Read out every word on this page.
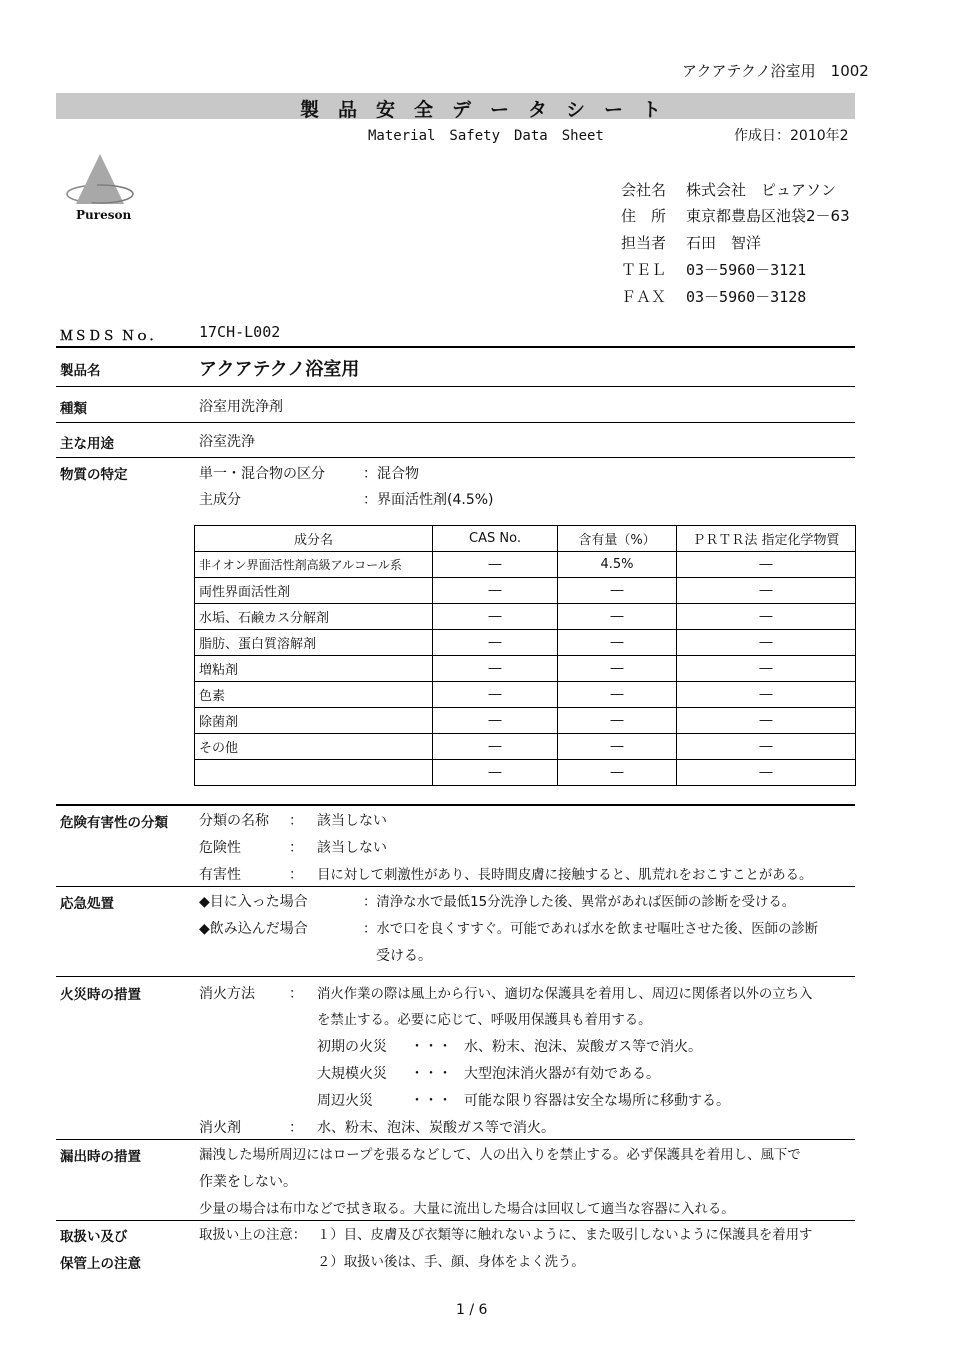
アクアテクノ浴室用　1002
製　品　安　全　デ　ー　タ　シ　ー　ト
Material　Safety　Data　Sheet	作成日：2010年2
Pureson
会社名 株式会社　ピュアソン
住　所 東京都豊島区池袋2－63
担当者 石田　智洋
ＴＥＬ 03－5960－3121
ＦＡＸ 03－5960－3128
ＭＳＤＳ Ｎｏ． 17CH-L002
製品名	アクアテクノ浴室用
種類	浴室用洗浄剤
主な用途	浴室洗浄
物質の特定	単一・混合物の区分	：混合物
主成分	：界面活性剤(4.5%)
成分名	CAS No.	含有量（%）	ＰＲＴＲ法 指定化学物質
非イオン界面活性剤高級アルコール系	―	4.5%	―
両性界面活性剤	―	―	―
水垢、石鹸カス分解剤	―	―	―
脂肪、蛋白質溶解剤	―	―	―
増粘剤	―	―	―
色素	―	―	―
除菌剤	―	―	―
その他	―	―	―
	―	―	―
危険有害性の分類 分類の名称 ： 該当しない
危険性	： 該当しない
有害性	： 目に対して刺激性があり、長時間皮膚に接触すると、肌荒れをおこすことがある。
応急処置	◆目に入った場合	：清浄な水で最低15分洗浄した後、異常があれば医師の診断を受ける。
◆飲み込んだ場合	：水で口を良くすすぐ。可能であれば水を飲ませ嘔吐させた後、医師の診断
受ける。
火災時の措置	消火方法 ： 消火作業の際は風上から行い、適切な保護具を着用し、周辺に関係者以外の立ち入
を禁止する。必要に応じて、呼吸用保護具も着用する。
初期の火災 ・・・ 水、粉末、泡沫、炭酸ガス等で消火。
大規模火災 ・・・ 大型泡沫消火器が有効である。
周辺火災	・・・ 可能な限り容器は安全な場所に移動する。
消火剤	： 水、粉末、泡沫、炭酸ガス等で消火。
漏出時の措置	漏洩した場所周辺にはロープを張るなどして、人の出入りを禁止する。必ず保護具を着用し、風下で
作業をしない。
少量の場合は布巾などで拭き取る。大量に流出した場合は回収して適当な容器に入れる。
取扱い及び
保管上の注意
取扱い上の注意： １）目、皮膚及び衣類等に触れないように、また吸引しないように保護具を着用す
２）取扱い後は、手、顔、身体をよく洗う。
1 / 6
